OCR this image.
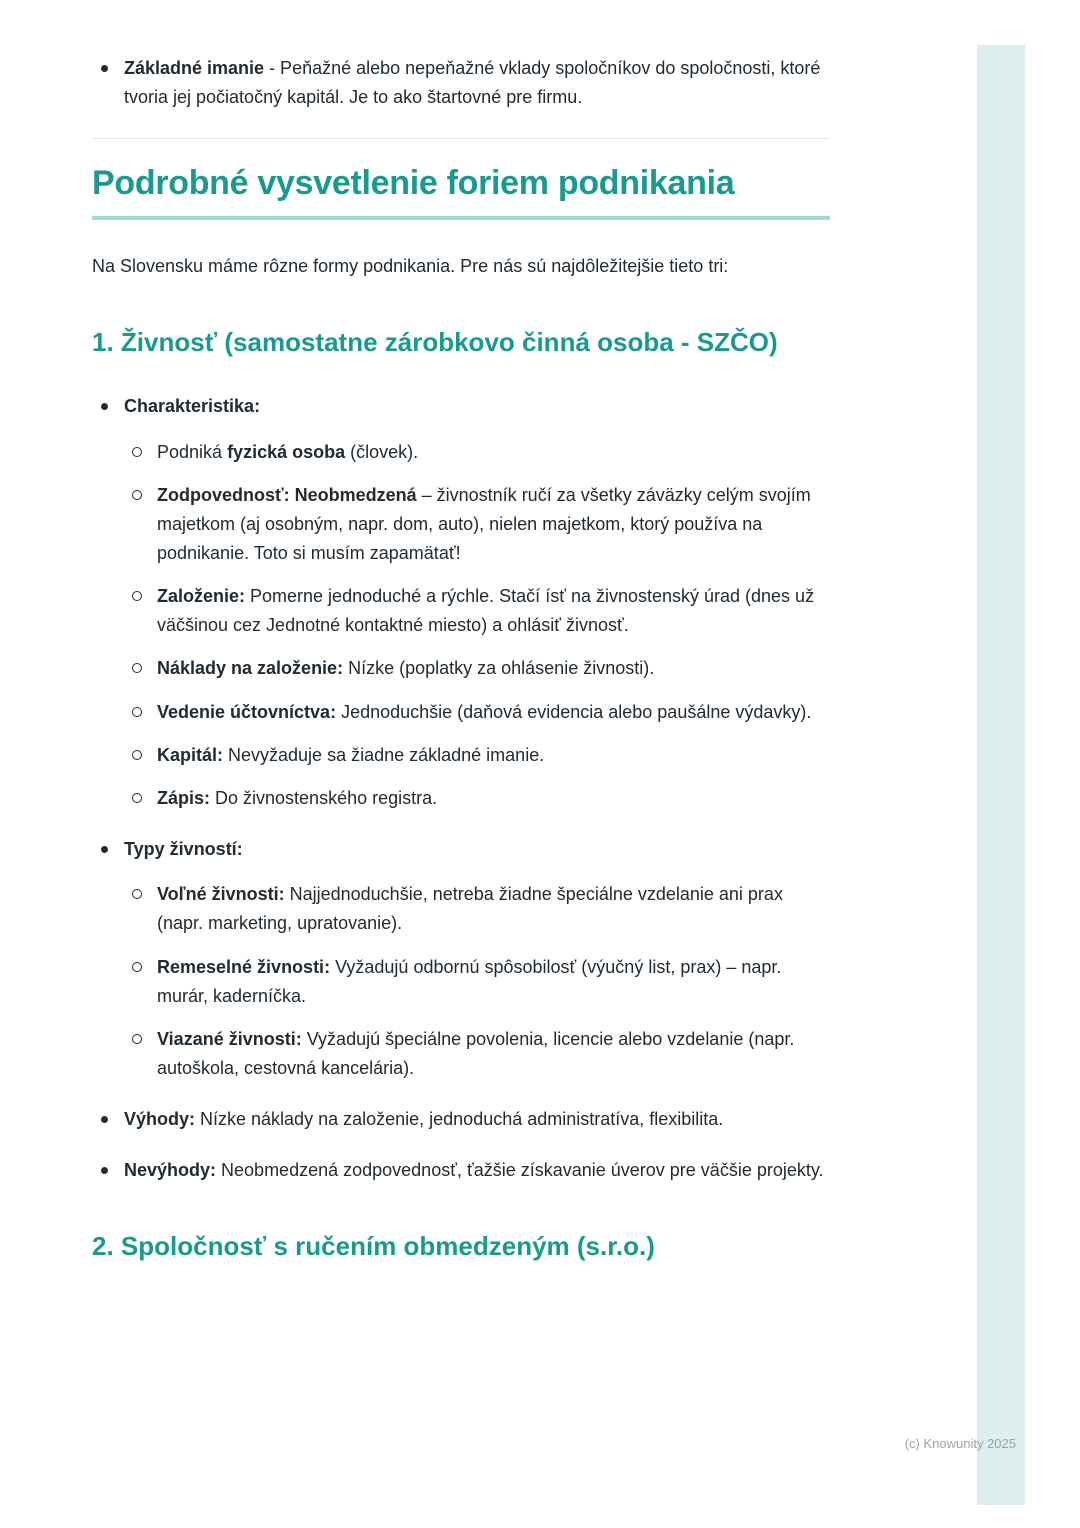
(c) Knowunity 2025
Základné imanie - Peňažné alebo nepeňažné vklady spoločníkov do spoločnosti, ktoré tvoria jej počiatočný kapitál. Je to ako štartovné pre firmu.
Podrobné vysvetlenie foriem podnikania

Na Slovensku máme rôzne formy podnikania. Pre nás sú najdôležitejšie tieto tri:

1. Živnosť (samostatne zárobkovo činná osoba - SZČO)
Charakteristika:
Podniká fyzická osoba (človek).
Zodpovednosť: Neobmedzená – živnostník ručí za všetky záväzky celým svojím majetkom (aj osobným, napr. dom, auto), nielen majetkom, ktorý používa na podnikanie. Toto si musím zapamätať!
Založenie: Pomerne jednoduché a rýchle. Stačí ísť na živnostenský úrad (dnes už väčšinou cez Jednotné kontaktné miesto) a ohlásiť živnosť.
Náklady na založenie: Nízke (poplatky za ohlásenie živnosti).
Vedenie účtovníctva: Jednoduchšie (daňová evidencia alebo paušálne výdavky).
Kapitál: Nevyžaduje sa žiadne základné imanie.
Zápis: Do živnostenského registra.
Typy živností:
Voľné živnosti: Najjednoduchšie, netreba žiadne špeciálne vzdelanie ani prax (napr. marketing, upratovanie).
Remeselné živnosti: Vyžadujú odbornú spôsobilosť (výučný list, prax) – napr. murár, kaderníčka.
Viazané živnosti: Vyžadujú špeciálne povolenia, licencie alebo vzdelanie (napr. autoškola, cestovná kancelária).
Výhody: Nízke náklady na založenie, jednoduchá administratíva, flexibilita.
Nevýhody: Neobmedzená zodpovednosť, ťažšie získavanie úverov pre väčšie projekty.
2. Spoločnosť s ručením obmedzeným (s.r.o.)
